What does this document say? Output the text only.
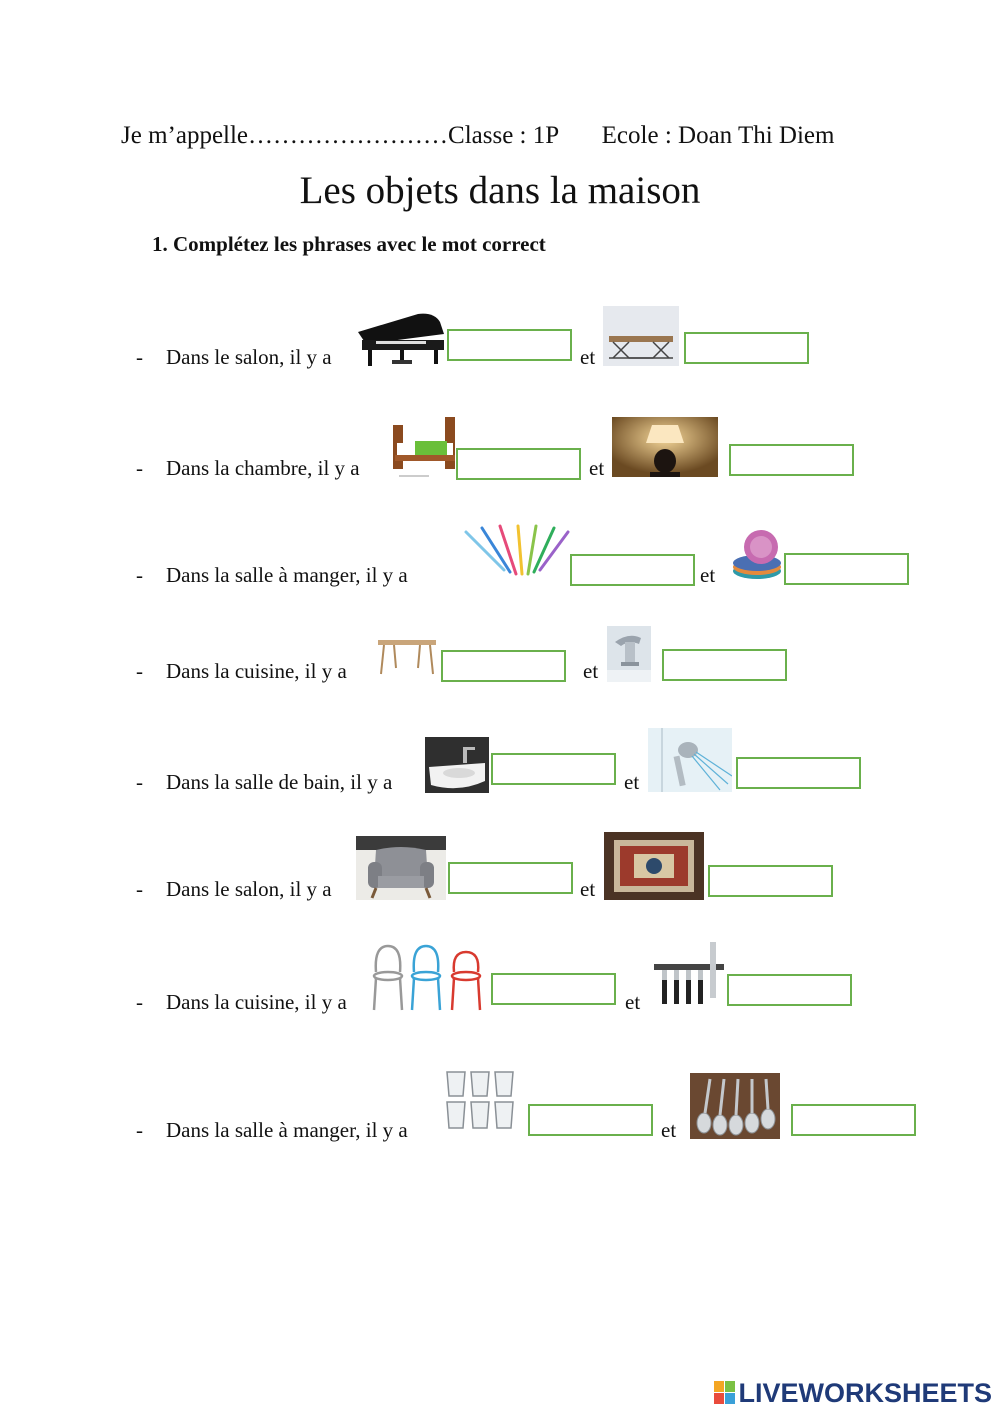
Je m’appelle……………………Classe : 1P Ecole : Doan Thi Diem
Les objets dans la maison
1. Complétez les phrases avec le mot correct
- Dans le salon, il y a	et
- Dans la chambre, il y a	et
- Dans la salle à manger, il y a	et
- Dans la cuisine, il y a	et
- Dans la salle de bain, il y a	et
- Dans le salon, il y a	et
- Dans la cuisine, il y a	et
- Dans la salle à manger, il y a	et
LIVEWORKSHEETS
